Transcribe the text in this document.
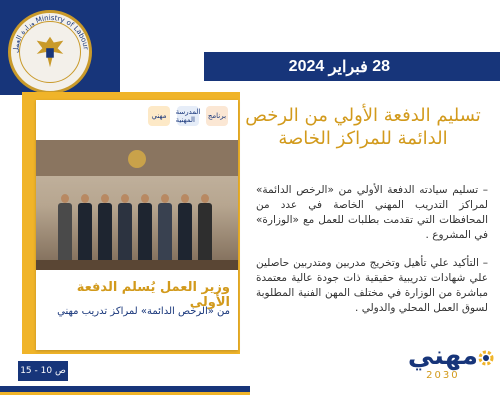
وزارة العمل Ministry of Labour
28

فبراير

2024
تسليم الدفعة الأولي من الرخص الدائمة للمراكز الخاصة
مهني	المدرسة المهنية	برنامج
وزير العمل يُسلم الدفعة الأولى
من «الرخص الدائمة» لمراكز تدريب مهني

– تسليم سيادته الدفعة الأولي من «الرخص الدائمة» لمراكز التدريب المهني الخاصة في عدد من المحافظات التي تقدمت بطلبات للعمل مع «الوزارة» في المشروع .

– التأكيد علي تأهيل وتخريج مدربين ومتدربين حاصلين علي شهادات تدريبية حقيقية ذات جودة عالية معتمدة مباشرة من الوزارة في مختلف المهن الفنية المطلوبة لسوق العمل المحلي والدولي .

ص 10 - 15	مهني
2030
